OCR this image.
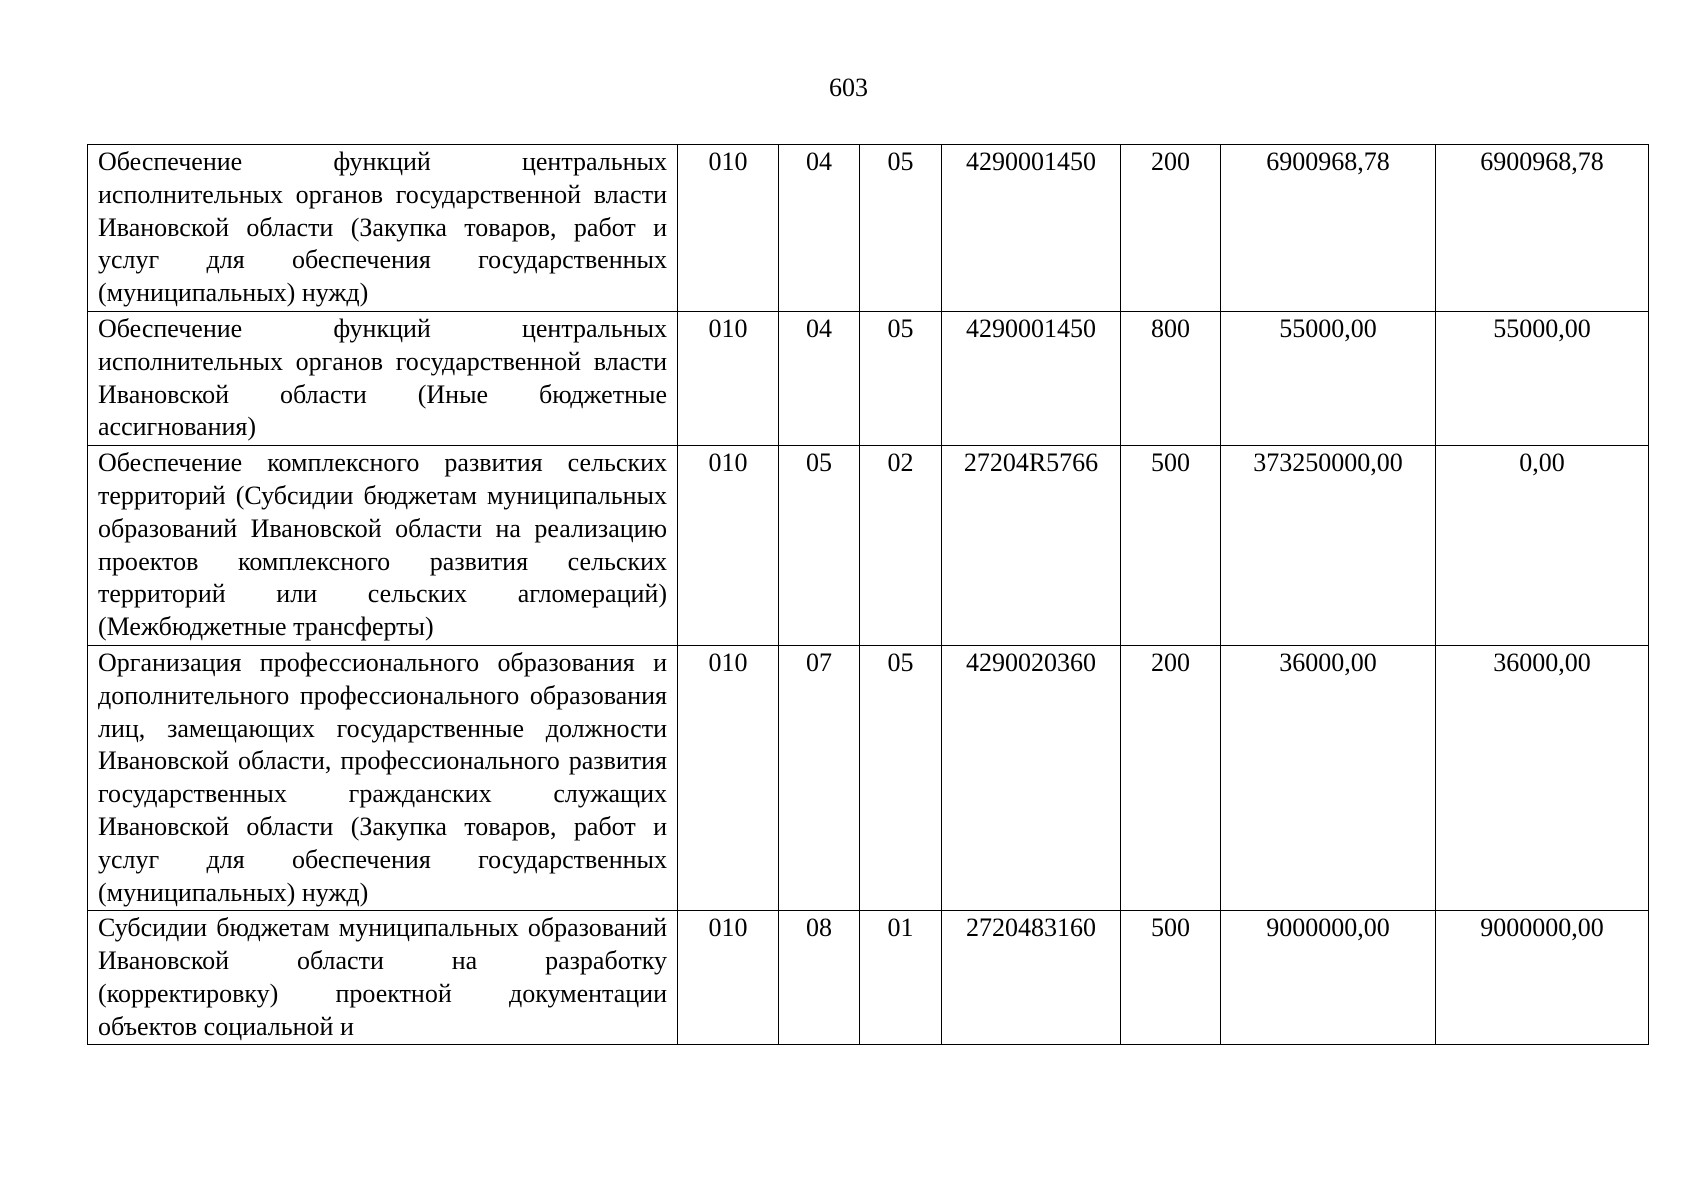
603
Обеспечение функций центральных исполнительных органов государственной власти Ивановской области (Закупка товаров, работ и услуг для обеспечения государственных (муниципальных) нужд)	010	04	05	4290001450	200	6900968,78	6900968,78
Обеспечение функций центральных исполнительных органов государственной власти Ивановской области (Иные бюджетные ассигнования)	010	04	05	4290001450	800	55000,00	55000,00
Обеспечение комплексного развития сельских территорий (Субсидии бюджетам муниципальных образований Ивановской области на реализацию проектов комплексного развития сельских территорий или сельских агломераций) (Межбюджетные трансферты)	010	05	02	27204R5766	500	373250000,00	0,00
Организация профессионального образования и дополнительного профессионального образования лиц, замещающих государственные должности Ивановской области, профессионального развития государственных гражданских служащих Ивановской области (Закупка товаров, работ и услуг для обеспечения государственных (муниципальных) нужд)	010	07	05	4290020360	200	36000,00	36000,00

Субсидии бюджетам муниципальных образований Ивановской области на разработку (корректировку) проектной документации объектов социальной и	010	08	01	2720483160	500	9000000,00	9000000,00
